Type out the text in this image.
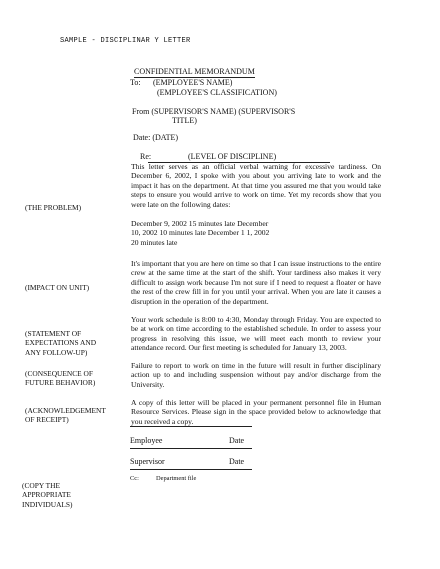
SAMPLE - DISCIPLINAR Y LETTER
CONFIDENTIAL MEMORANDUM
To: (EMPLOYEE'S NAME)
(EMPLOYEE'S CLASSIFICATION)
From (SUPERVISOR'S NAME) (SUPERVISOR'S
TITLE)
Date: (DATE)
Re:	(LEVEL OF DISCIPLINE)
(THE PROBLEM)
(IMPACT ON UNIT)
(STATEMENT OF
EXPECTATIONS AND
ANY FOLLOW-UP)
(CONSEQUENCE OF
FUTURE BEHAVIOR)
(ACKNOWLEDGEMENT
OF RECEIPT)
(COPY THE
APPROPRIATE
INDIVIDUALS)
This letter serves as an official verbal warning for excessive tardiness. On December 6, 2002, I spoke with you about you arriving late to work and the impact it has on the department. At that time you assured me that you would take steps to ensure you would arrive to work on time. Yet my records show that you were late on the following dates:
December 9, 2002 15 minutes late December
10, 2002 10 minutes late December 1 1, 2002
20 minutes late
It's important that you are here on time so that I can issue instructions to the entire crew at the same time at the start of the shift. Your tardiness also makes it very difficult to assign work because I'm not sure if I need to request a floater or have the rest of the crew fill in for you until your arrival. When you are late it causes a disruption in the operation of the department.
Your work schedule is 8:00 to 4:30, Monday through Friday. You are expected to be at work on time according to the established schedule. In order to assess your progress in resolving this issue, we will meet each month to review your attendance record. Our first meeting is scheduled for January 13, 2003.
Failure to report to work on time in the future will result in further disciplinary action up to and including suspension without pay and/or discharge from the University.
A copy of this letter will be placed in your permanent personnel file in Human Resource Services. Please sign in the space provided below to acknowledge that you received a copy.
Employee	Date
Supervisor	Date
Cc:	Department file
